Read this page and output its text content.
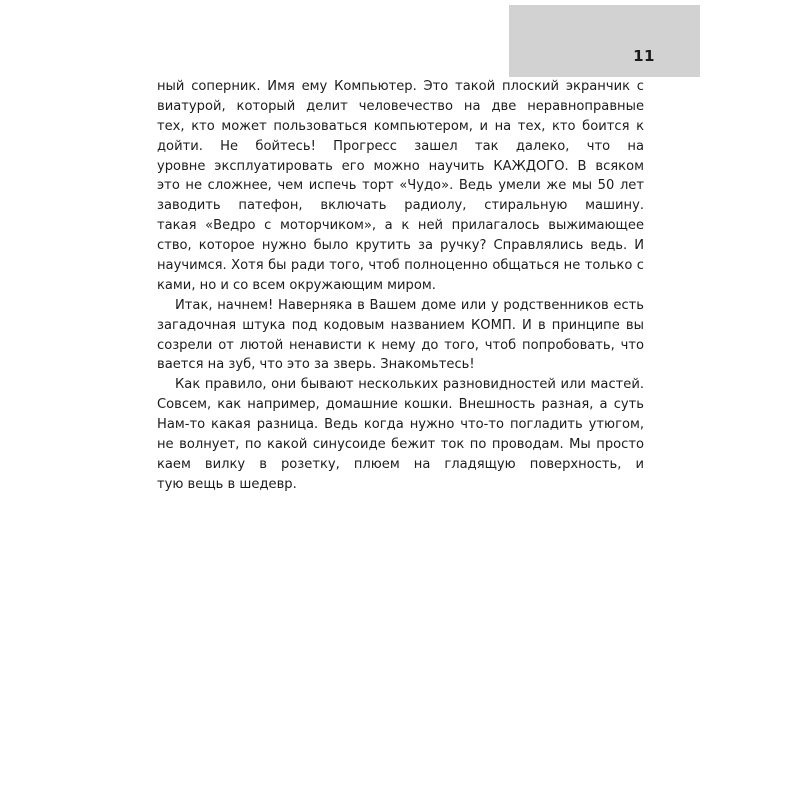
11
ный соперник. Имя ему Компьютер. Это такой плоский экранчик с
виатурой, который делит человечество на две неравноправные
тех, кто может пользоваться компьютером, и на тех, кто боится к
дойти. Не бойтесь! Прогресс зашел так далеко, что на
уровне эксплуатировать его можно научить КАЖДОГО. В всяком
это не сложнее, чем испечь торт «Чудо». Ведь умели же мы 50 лет
заводить патефон, включать радиолу, стиральную машину.
такая «Ведро с моторчиком», а к ней прилагалось выжимающее
ство, которое нужно было крутить за ручку? Справлялись ведь. И
научимся. Хотя бы ради того, чтоб полноценно общаться не только с
ками, но и со всем окружающим миром.
Итак, начнем! Наверняка в Вашем доме или у родственников есть
загадочная штука под кодовым названием КОМП. И в принципе вы
созрели от лютой ненависти к нему до того, чтоб попробовать, что
вается на зуб, что это за зверь. Знакомьтесь!
Как правило, они бывают нескольких разновидностей или мастей.
Совсем, как например, домашние кошки. Внешность разная, а суть
Нам-то какая разница. Ведь когда нужно что-то погладить утюгом,
не волнует, по какой синусоиде бежит ток по проводам. Мы просто
каем вилку в розетку, плюем на гладящую поверхность, и
тую вещь в шедевр.
